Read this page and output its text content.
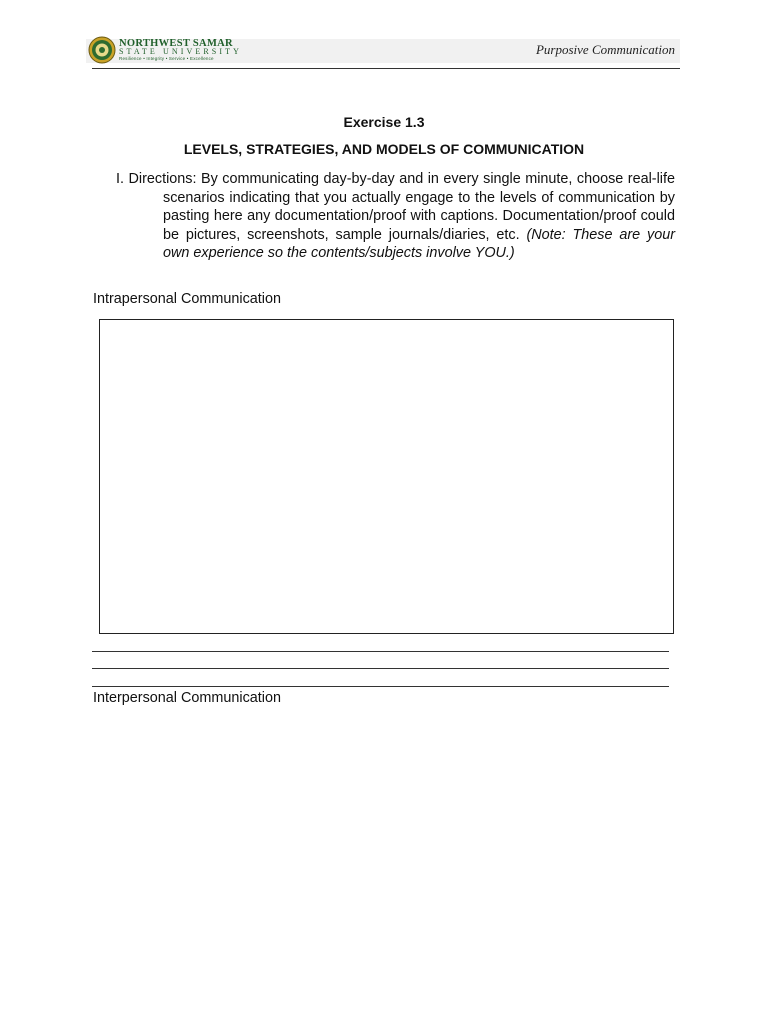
NORTHWEST SAMAR
STATE UNIVERSITY
Resilience • Integrity • Service • Excellence
Purposive Communication
Exercise 1.3
LEVELS, STRATEGIES, AND MODELS OF COMMUNICATION
I. Directions: By communicating day-by-day and in every single minute, choose real-life scenarios indicating that you actually engage to the levels of communication by pasting here any documentation/proof with captions. Documentation/proof could be pictures, screenshots, sample journals/diaries, etc. (Note: These are your own experience so the contents/subjects involve YOU.)
Intrapersonal Communication
Interpersonal Communication
